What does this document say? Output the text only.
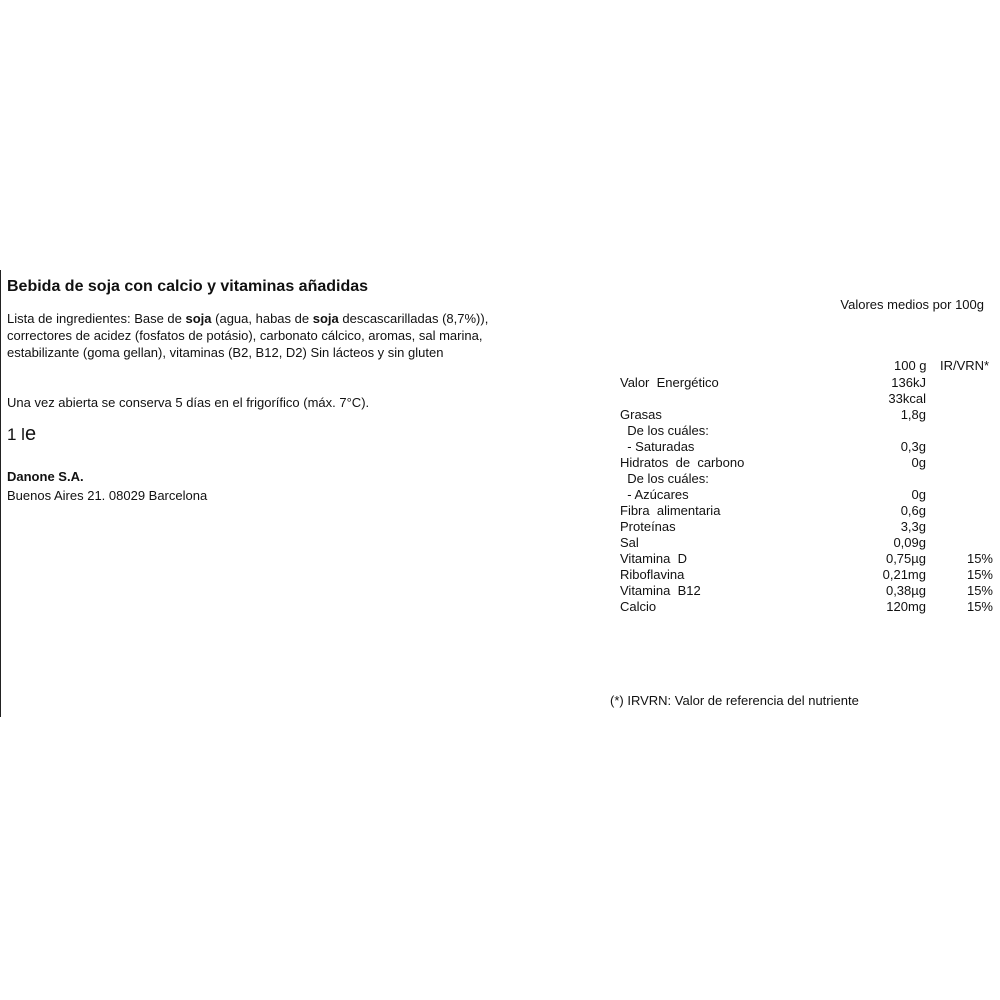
Bebida de soja con calcio y vitaminas añadidas
Lista de ingredientes: Base de soja (agua, habas de soja descascarilladas (8,7%)),
correctores de acidez (fosfatos de potásio), carbonato cálcico, aromas, sal marina,
estabilizante (goma gellan), vitaminas (B2, B12, D2) Sin lácteos y sin gluten
Una vez abierta se conserva 5 días en el frigorífico (máx. 7°C).
1 le
Danone S.A.
Buenos Aires 21. 08029 Barcelona
Valores medios por 100g
100 g IR/VRN*
Valor  Energético	136kJ
33kcal
Grasas	1,8g
De los cuáles:
- Saturadas	0,3g
Hidratos  de  carbono	0g
De los cuáles:
- Azúcares	0g
Fibra  alimentaria	0,6g
Proteínas	3,3g
Sal	0,09g
Vitamina  D	0,75µg	15%
Riboflavina	0,21mg	15%
Vitamina  B12	0,38µg	15%
Calcio	120mg	15%
(*) IRVRN: Valor de referencia del nutriente
